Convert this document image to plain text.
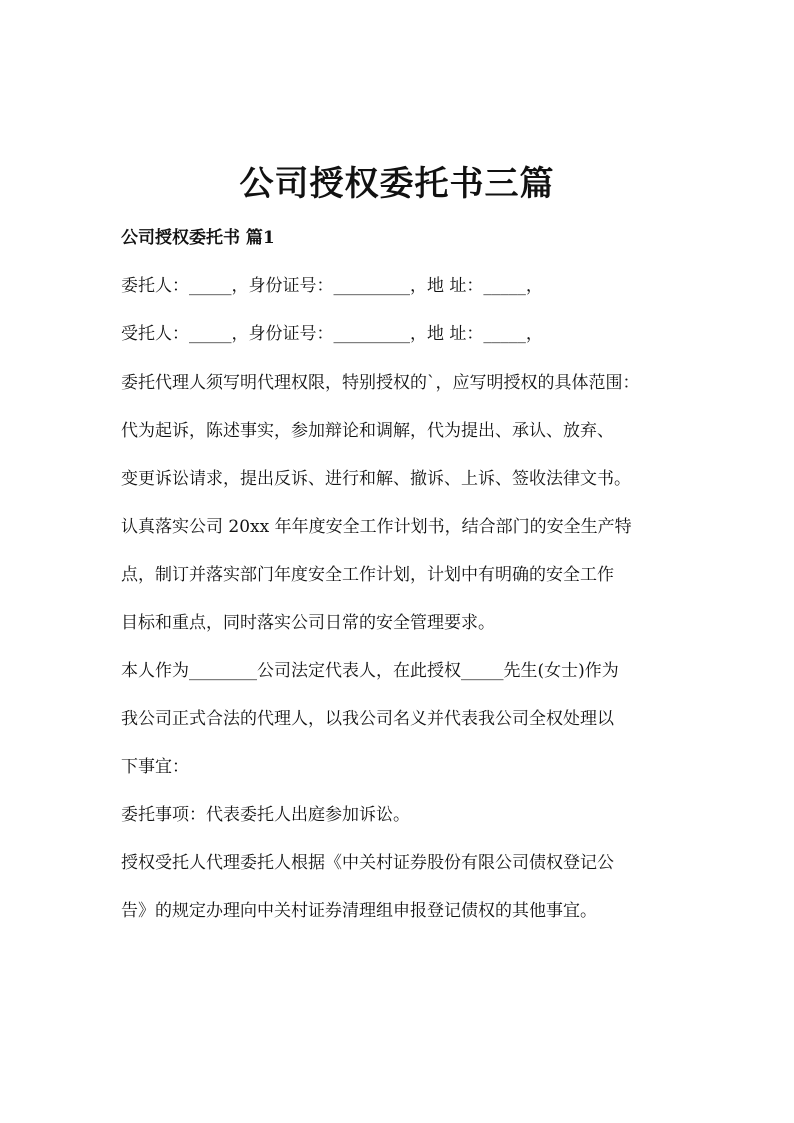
公司授权委托书三篇
公司授权委托书 篇1

委托人：_____，身份证号：_________，地 址：_____，

受托人：_____，身份证号：_________，地 址：_____，

委托代理人须写明代理权限，特别授权的`，应写明授权的具体范围：

代为起诉，陈述事实，参加辩论和调解，代为提出、承认、放弃、

变更诉讼请求，提出反诉、进行和解、撤诉、上诉、签收法律文书。

认真落实公司 20xx 年年度安全工作计划书，结合部门的安全生产特

点，制订并落实部门年度安全工作计划，计划中有明确的安全工作

目标和重点，同时落实公司日常的安全管理要求。

本人作为________公司法定代表人，在此授权_____先生(女士)作为

我公司正式合法的代理人，以我公司名义并代表我公司全权处理以

下事宜：

委托事项：代表委托人出庭参加诉讼。

授权受托人代理委托人根据《中关村证券股份有限公司债权登记公

告》的规定办理向中关村证券清理组申报登记债权的其他事宜。
